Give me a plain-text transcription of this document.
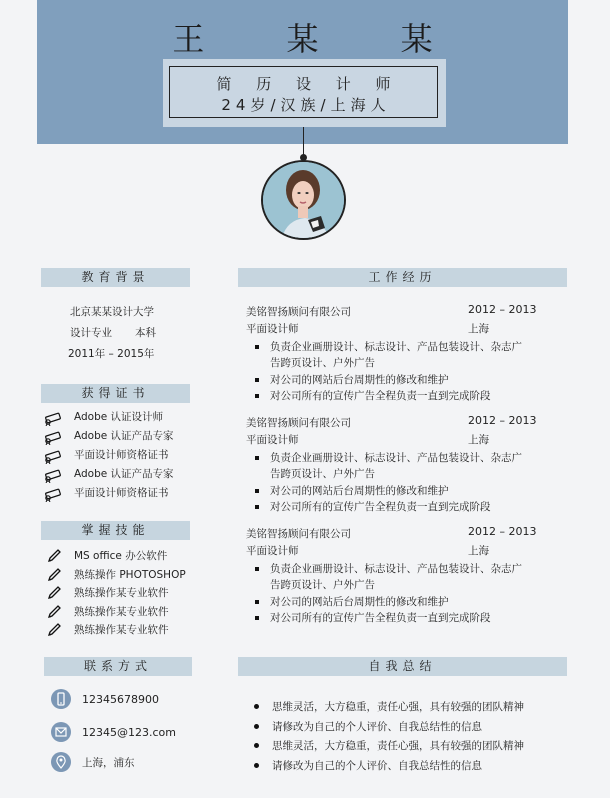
王 某 某
简 历 设 计 师
24岁/汉族/上海人
教育背景
北京某某设计大学
设计专业 本科
2011年 – 2015年
获得证书
Adobe 认证设计师
Adobe 认证产品专家
平面设计师资格证书
Adobe 认证产品专家
平面设计师资格证书
掌握技能
MS office 办公软件
熟练操作 PHOTOSHOP
熟练操作某专业软件
熟练操作某专业软件
熟练操作某专业软件
联系方式
12345678900
12345@123.com
上海，浦东
工作经历
美铭智扬顾问有限公司	2012 – 2013
平面设计师	上海
负责企业画册设计、标志设计、产品包装设计、杂志广
告跨页设计、户外广告
对公司的网站后台周期性的修改和维护
对公司所有的宣传广告全程负责一直到完成阶段
美铭智扬顾问有限公司	2012 – 2013
平面设计师	上海
负责企业画册设计、标志设计、产品包装设计、杂志广
告跨页设计、户外广告
对公司的网站后台周期性的修改和维护
对公司所有的宣传广告全程负责一直到完成阶段
美铭智扬顾问有限公司	2012 – 2013
平面设计师	上海
负责企业画册设计、标志设计、产品包装设计、杂志广
告跨页设计、户外广告
对公司的网站后台周期性的修改和维护
对公司所有的宣传广告全程负责一直到完成阶段
自我总结
思维灵活，大方稳重，责任心强，具有较强的团队精神
请修改为自己的个人评价、自我总结性的信息
思维灵活，大方稳重，责任心强，具有较强的团队精神
请修改为自己的个人评价、自我总结性的信息
